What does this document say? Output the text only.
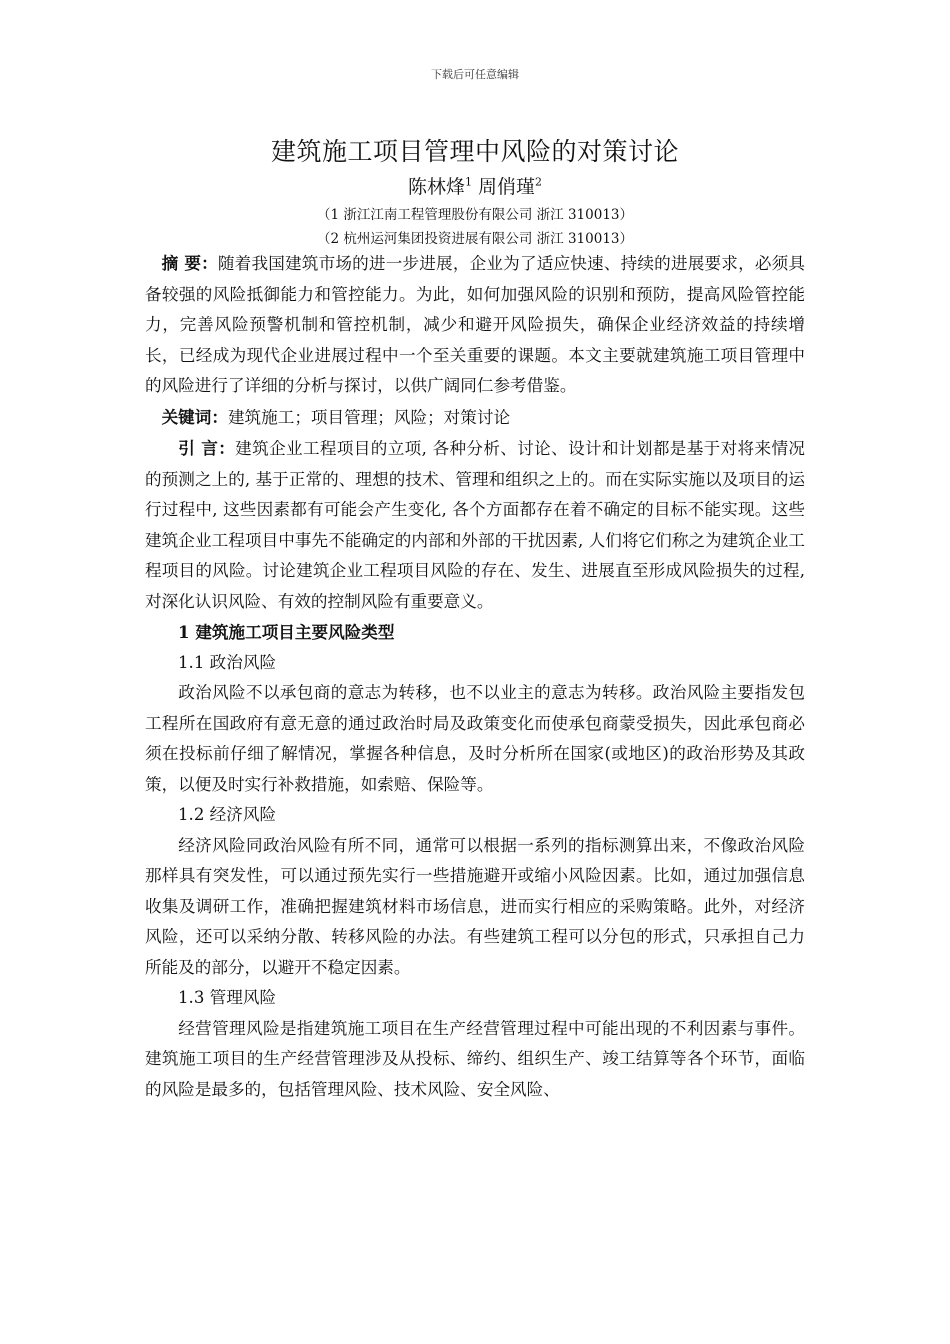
下载后可任意编辑
建筑施工项目管理中风险的对策讨论
陈林烽$^1$ 周俏瑾$^2$
（1 浙江江南工程管理股份有限公司 浙江 310013）
（2 杭州运河集团投资进展有限公司 浙江 310013）

摘 要：随着我国建筑市场的进一步进展，企业为了适应快速、持续的进展要求，必须具备较强的风险抵御能力和管控能力。为此，如何加强风险的识别和预防，提高风险管控能力，完善风险预警机制和管控机制，减少和避开风险损失，确保企业经济效益的持续增长，已经成为现代企业进展过程中一个至关重要的课题。本文主要就建筑施工项目管理中的风险进行了详细的分析与探讨，以供广阔同仁参考借鉴。

关键词：建筑施工；项目管理；风险；对策讨论

引 言：建筑企业工程项目的立项, 各种分析、讨论、设计和计划都是基于对将来情况的预测之上的, 基于正常的、理想的技术、管理和组织之上的。而在实际实施以及项目的运行过程中, 这些因素都有可能会产生变化, 各个方面都存在着不确定的目标不能实现。这些建筑企业工程项目中事先不能确定的内部和外部的干扰因素, 人们将它们称之为建筑企业工程项目的风险。讨论建筑企业工程项目风险的存在、发生、进展直至形成风险损失的过程, 对深化认识风险、有效的控制风险有重要意义。

1 建筑施工项目主要风险类型

1.1 政治风险

政治风险不以承包商的意志为转移，也不以业主的意志为转移。政治风险主要指发包工程所在国政府有意无意的通过政治时局及政策变化而使承包商蒙受损失，因此承包商必须在投标前仔细了解情况，掌握各种信息，及时分析所在国家(或地区)的政治形势及其政策，以便及时实行补救措施，如索赔、保险等。

1.2 经济风险

经济风险同政治风险有所不同，通常可以根据一系列的指标测算出来，不像政治风险那样具有突发性，可以通过预先实行一些措施避开或缩小风险因素。比如，通过加强信息收集及调研工作，准确把握建筑材料市场信息，进而实行相应的采购策略。此外，对经济风险，还可以采纳分散、转移风险的办法。有些建筑工程可以分包的形式，只承担自己力所能及的部分，以避开不稳定因素。

1.3 管理风险

经营管理风险是指建筑施工项目在生产经营管理过程中可能出现的不利因素与事件。建筑施工项目的生产经营管理涉及从投标、缔约、组织生产、竣工结算等各个环节，面临的风险是最多的，包括管理风险、技术风险、安全风险、
